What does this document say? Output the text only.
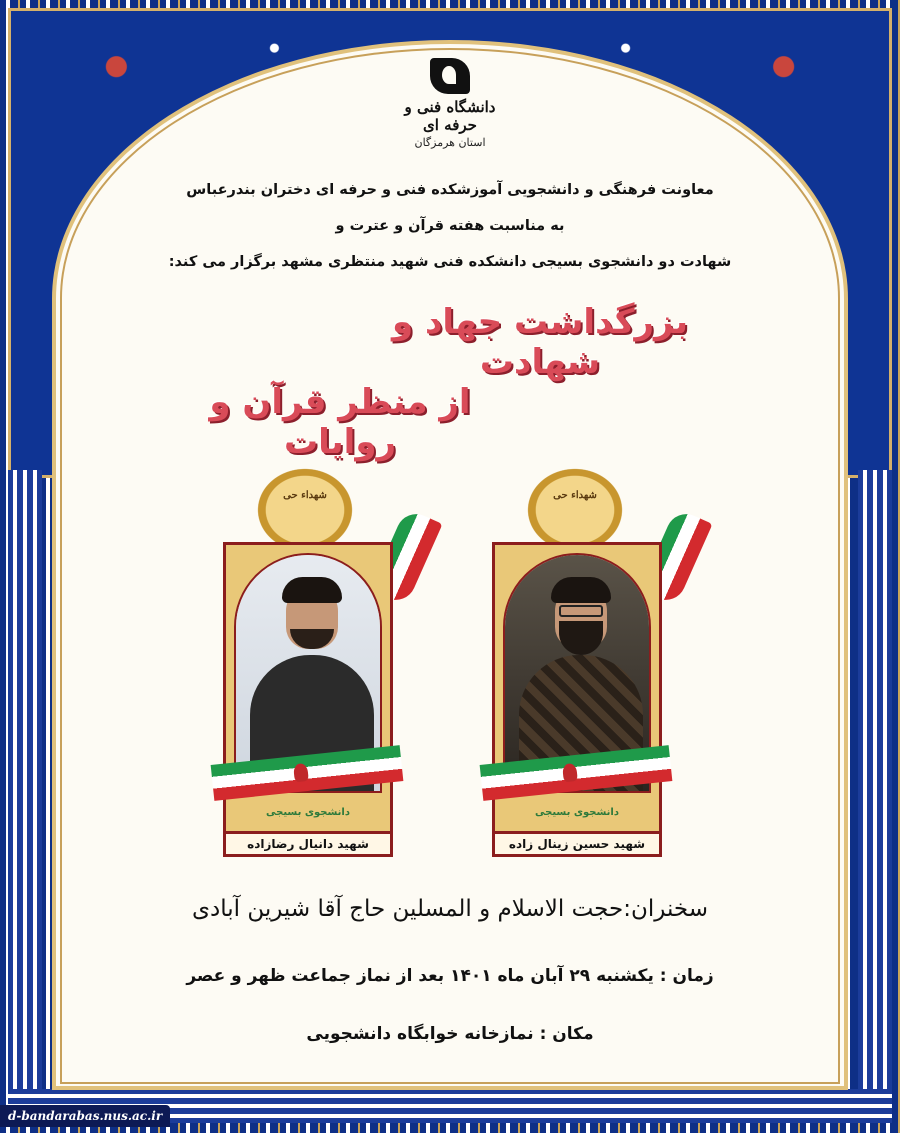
دانشگاه فنی و حرفه ای
استان هرمزگان
معاونت فرهنگی و دانشجویی آموزشکده فنی و حرفه ای دختران بندرعباس
به مناسبت هفته قرآن و عترت و
شهادت دو دانشجوی بسیجی دانشکده فنی شهید منتظری مشهد برگزار می کند:
بزرگداشت جهاد و شهادت
از منظر قرآن و روایات
شهداء حی
دانشجوی بسیجی
شهید دانیال رضازاده
شهداء حی
دانشجوی بسیجی
شهید حسین زینال زاده
سخنران:حجت الاسلام و المسلین حاج آقا شیرین آبادی
زمان : یکشنبه ۲۹ آبان ماه ۱۴۰۱ بعد از نماز جماعت ظهر و عصر
مکان : نمازخانه خوابگاه دانشجویی
d-bandarabas.nus.ac.ir
